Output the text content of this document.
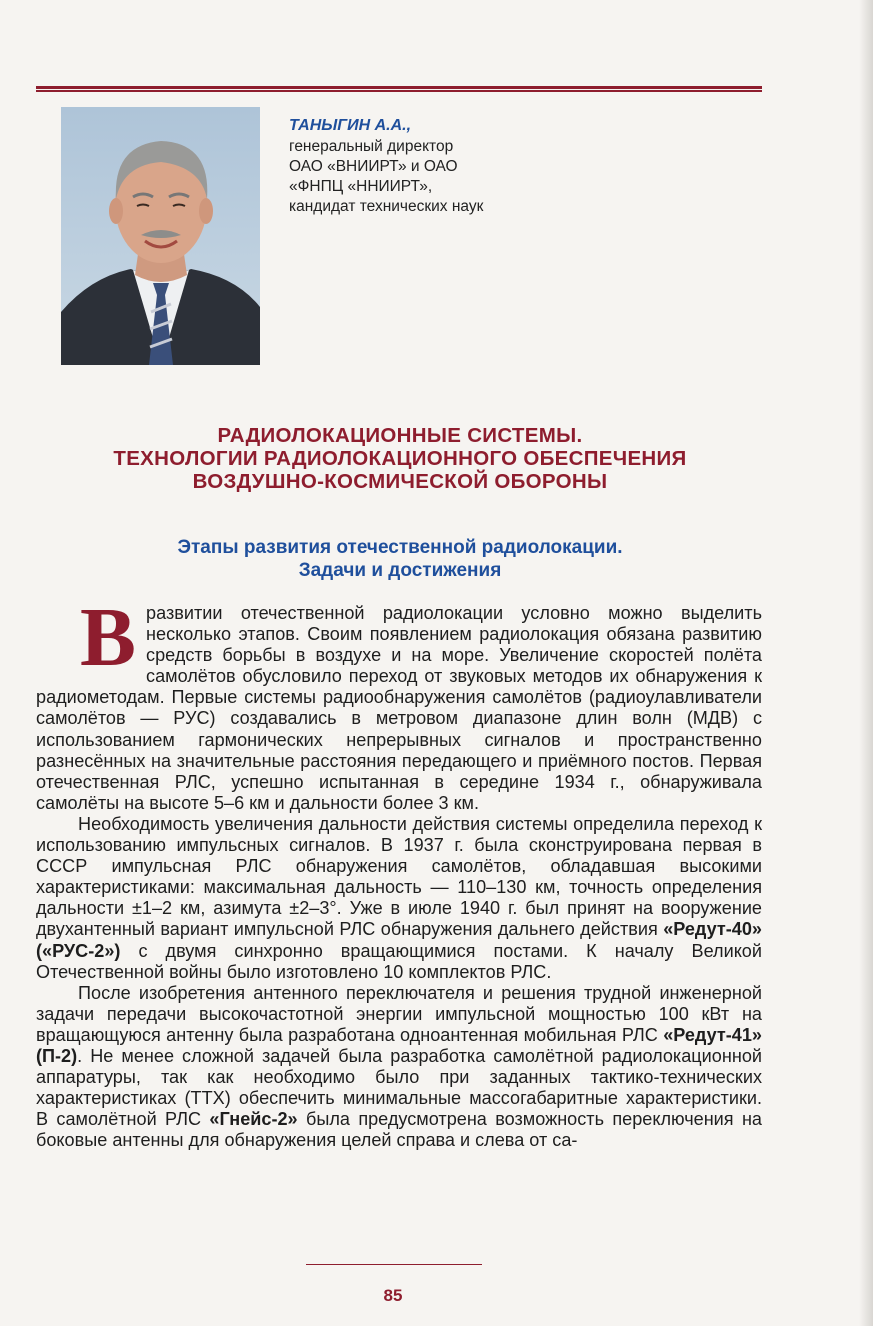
ТАНЫГИН А.А.,
генеральный директор
ОАО «ВНИИРТ» и ОАО
«ФНПЦ «ННИИРТ»,
кандидат технических наук
РАДИОЛОКАЦИОННЫЕ СИСТЕМЫ.
ТЕХНОЛОГИИ РАДИОЛОКАЦИОННОГО ОБЕСПЕЧЕНИЯ
ВОЗДУШНО-КОСМИЧЕСКОЙ ОБОРОНЫ
Этапы развития отечественной радиолокации.
Задачи и достижения

Вразвитии отечественной радиолокации условно можно выделить несколько этапов. Своим появлением радиолокация обязана развитию средств борьбы в воздухе и на море. Увеличение скоростей полёта самолётов обусловило переход от звуковых методов их обнаружения к радиометодам. Первые системы радиообнаружения самолётов (радиоулавливатели самолётов — РУС) создавались в метровом диапазоне длин волн (МДВ) с использованием гармонических непрерывных сигналов и пространственно разнесённых на значительные расстояния передающего и приёмного постов. Первая отечественная РЛС, успешно испытанная в середине 1934 г., обнаруживала самолёты на высоте 5–6 км и дальности более 3 км.

Необходимость увеличения дальности действия системы определила переход к использованию импульсных сигналов. В 1937 г. была сконструирована первая в СССР импульсная РЛС обнаружения самолётов, обладавшая высокими характеристиками: максимальная дальность — 110–130 км, точность определения дальности ±1–2 км, азимута ±2–3°. Уже в июле 1940 г. был принят на вооружение двухантенный вариант импульсной РЛС обнаружения дальнего действия «Редут-40» («РУС-2») с двумя синхронно вращающимися постами. К началу Великой Отечественной войны было изготовлено 10 комплектов РЛС.

После изобретения антенного переключателя и решения трудной инженерной задачи передачи высокочастотной энергии импульсной мощностью 100 кВт на вращающуюся антенну была разработана одноантенная мобильная РЛС «Редут-41» (П-2). Не менее сложной задачей была разработка самолётной радиолокационной аппаратуры, так как необходимо было при заданных тактико-технических характеристиках (ТТХ) обеспечить минимальные массогабаритные характеристики. В самолётной РЛС «Гнейс-2» была предусмотрена возможность переключения на боковые антенны для обнаружения целей справа и слева от са-

85
